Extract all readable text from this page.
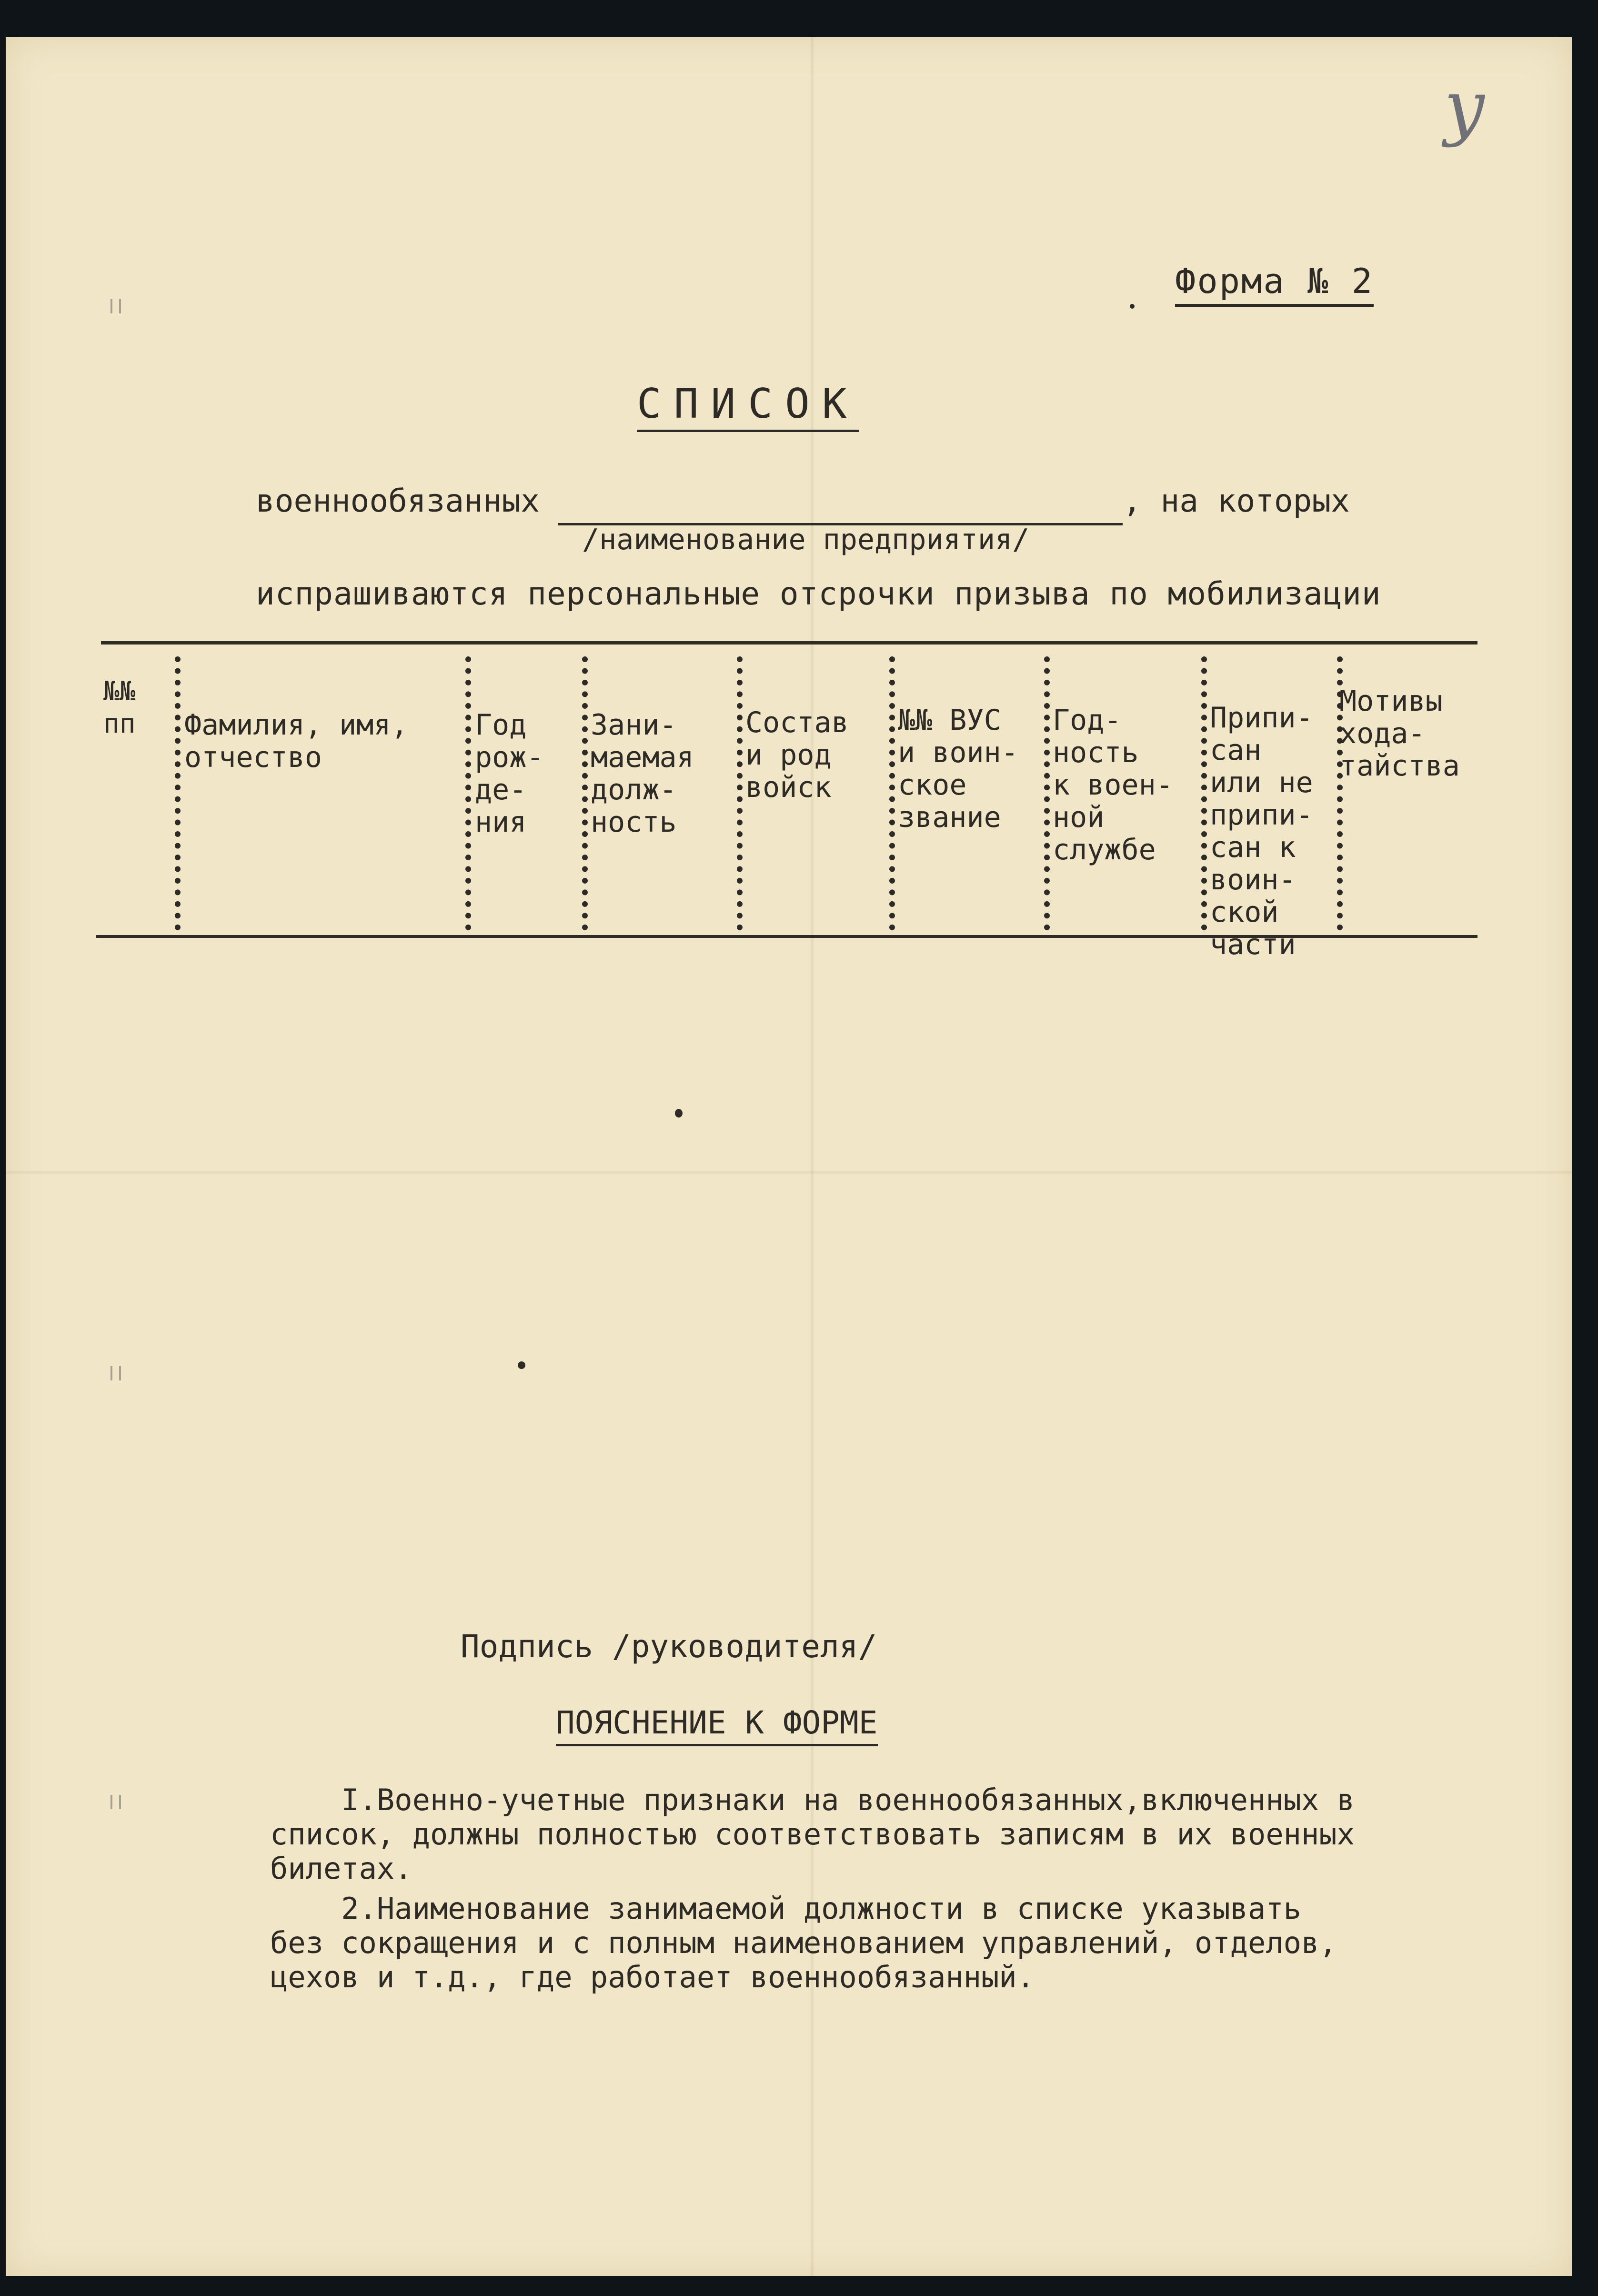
у
Форма № 2
СПИСОК
военнообязанных
/наименование предприятия/
, на которых
испрашиваются персональные отсрочки призыва по мобилизации
№№
пп Фамилия, имя,
отчество
Год
рож-
де-
ния
Зани-
маемая
долж-
ность
Состав
и род
войск
№№ ВУС
и воин-
ское
звание
Год-
ность
к воен-
ной
службе
Припи-
сан
или не
припи-
сан к
воин-
ской
части
Мотивы
хода-
тайства
Подпись /руководителя/
ПОЯСНЕНИЕ К ФОРМЕ
I.Военно-учетные признаки на военнообязанных,включенных в
список, должны полностью соответствовать записям в их военных
билетах.
2.Наименование занимаемой должности в списке указывать
без сокращения и с полным наименованием управлений, отделов,
цехов и т.д., где работает военнообязанный.
